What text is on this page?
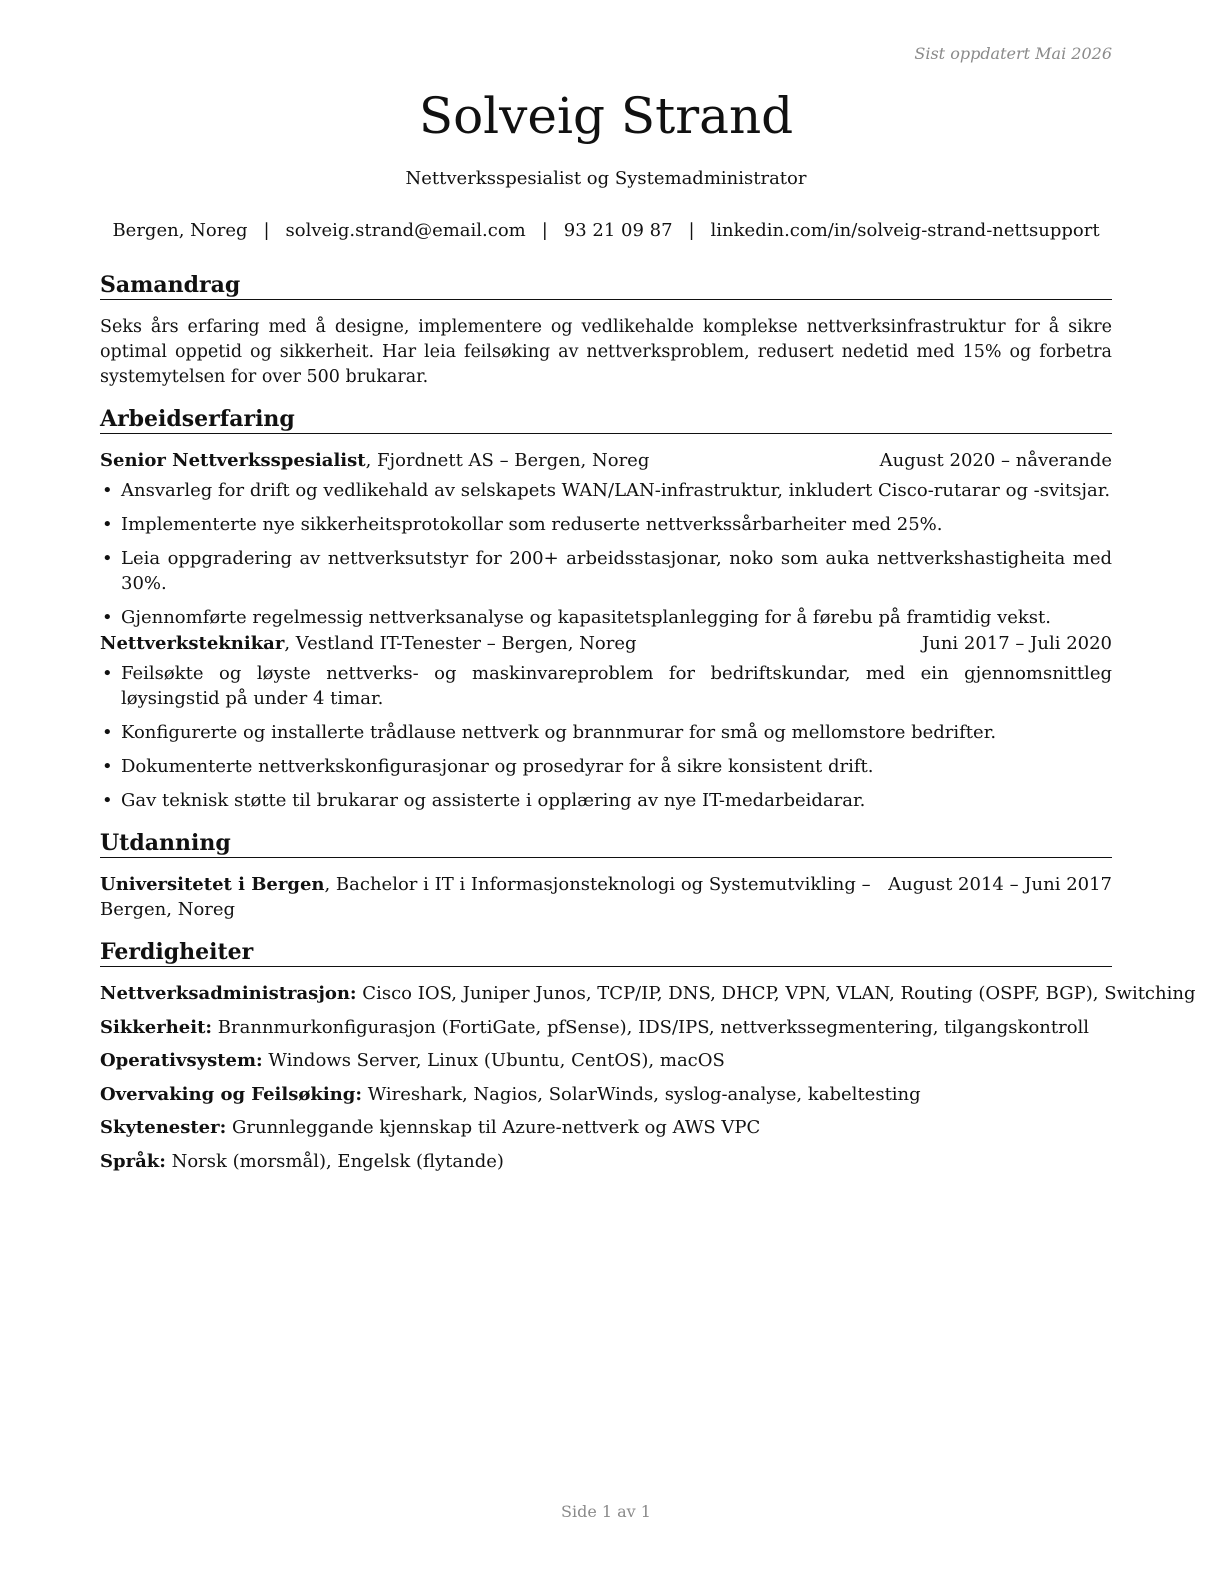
Sist oppdatert Mai 2026
Solveig Strand
Nettverksspesialist og Systemadministrator
Bergen, Noreg | solveig.strand@email.com | 93 21 09 87 | linkedin.com/in/solveig-strand-nettsupport
Samandrag
Seks års erfaring med å designe, implementere og vedlikehalde komplekse nettverksinfrastruktur for å sikre optimal oppetid og sikkerheit. Har leia feilsøking av nettverksproblem, redusert nedetid med 15% og forbetra systemytelsen for over 500 brukarar.
Arbeidserfaring
Senior Nettverksspesialist, Fjordnett AS – Bergen, Noreg	August 2020 – nåverande
• Ansvarleg for drift og vedlikehald av selskapets WAN/LAN-infrastruktur, inkludert Cisco-rutarar og -svitsjar.
• Implementerte nye sikkerheitsprotokollar som reduserte nettverkssårbarheiter med 25%.
• Leia oppgradering av nettverksutstyr for 200+ arbeidsstasjonar, noko som auka nettverkshastigheita med 30%.
• Gjennomførte regelmessig nettverksanalyse og kapasitetsplanlegging for å førebu på framtidig vekst.
Nettverksteknikar, Vestland IT-Tenester – Bergen, Noreg	Juni 2017 – Juli 2020
• Feilsøkte og løyste nettverks- og maskinvareproblem for bedriftskundar, med ein gjennomsnittleg løysingstid på under 4 timar.
• Konfigurerte og installerte trådlause nettverk og brannmurar for små og mellomstore bedrifter.
• Dokumenterte nettverkskonfigurasjonar og prosedyrar for å sikre konsistent drift.
• Gav teknisk støtte til brukarar og assisterte i opplæring av nye IT-medarbeidarar.
Utdanning
Universitetet i Bergen, Bachelor i IT i Informasjonsteknologi og Systemutvikling – Bergen, Noreg
August 2014 – Juni 2017
Ferdigheiter
Nettverksadministrasjon: Cisco IOS, Juniper Junos, TCP/IP, DNS, DHCP, VPN, VLAN, Routing (OSPF, BGP), Switching
Sikkerheit: Brannmurkonfigurasjon (FortiGate, pfSense), IDS/IPS, nettverkssegmentering, tilgangskontroll
Operativsystem: Windows Server, Linux (Ubuntu, CentOS), macOS
Overvaking og Feilsøking: Wireshark, Nagios, SolarWinds, syslog-analyse, kabeltesting
Skytenester: Grunnleggande kjennskap til Azure-nettverk og AWS VPC
Språk: Norsk (morsmål), Engelsk (flytande)
Side 1 av 1
